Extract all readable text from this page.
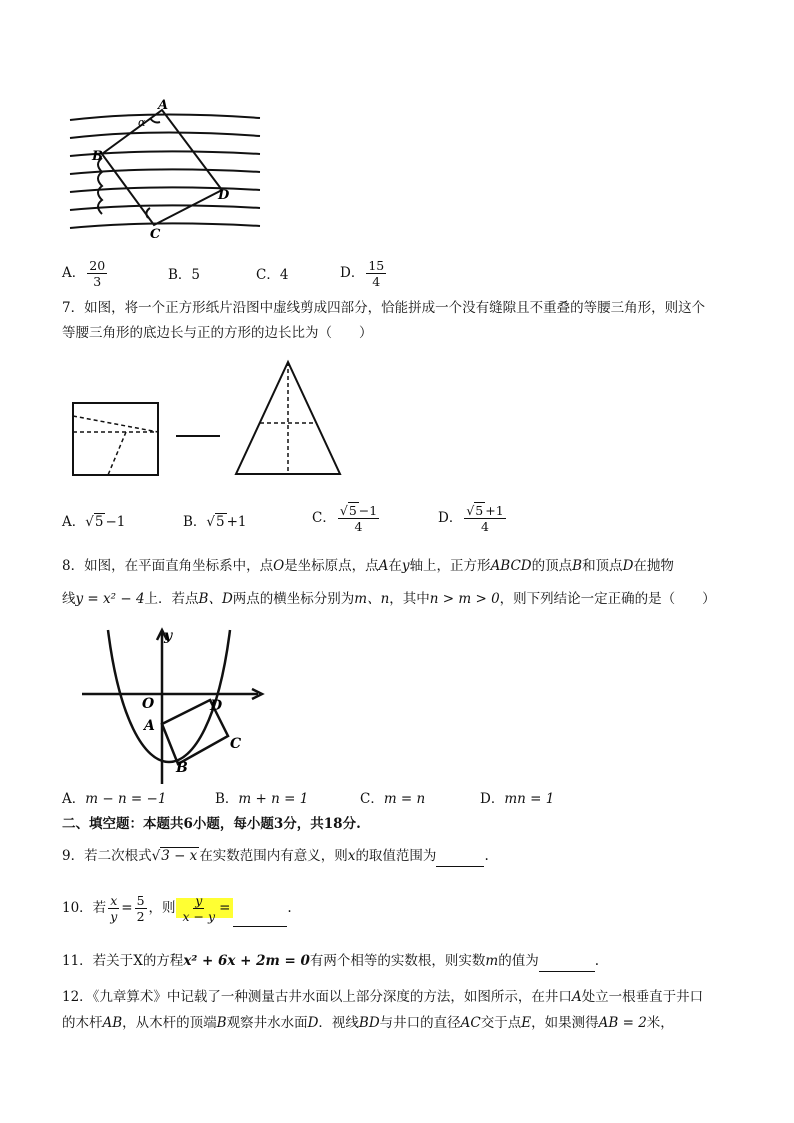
A
α
B
C
D
A． $\frac{20}{3}$	B．5	C．4	D． $\frac{15}{4}$
7．如图，将一个正方形纸片沿图中虚线剪成四部分，恰能拼成一个没有缝隙且不重叠的等腰三角形，则这个
等腰三角形的底边长与正的方形的边长比为（　　）
A．√5 −1	B．√5 +1	C． $\frac{√5 -1}{4}$	D． $\frac{√5 +1}{4}$
8．如图，在平面直角坐标系中，点O是坐标原点，点A在y轴上，正方形ABCD的顶点B和顶点D在抛物
线y = x² − 4上．若点B、D两点的横坐标分别为m、n，其中n > m > 0，则下列结论一定正确的是（　　）
y
O
A
B
C
D
A．m − n = −1	B．m + n = 1	C．m = n	D．mn = 1
二、填空题：本题共6小题，每小题3分，共18分.
9．若二次根式√3 − x 在实数范围内有意义，则x的取值范围为	.
10．若 $\frac{x}{y} = \frac{5}{2}$ ，则 $\frac{y}{x - y}$ =	.
11．若关于X的方程x² + 6x + 2m = 0有两个相等的实数根，则实数m的值为	.
12．《九章算术》中记载了一种测量古井水面以上部分深度的方法，如图所示，在井口A处立一根垂直于井口
的木杆AB，从木杆的顶端B观察井水水面D．视线BD与井口的直径AC交于点E，如果测得AB = 2米，
